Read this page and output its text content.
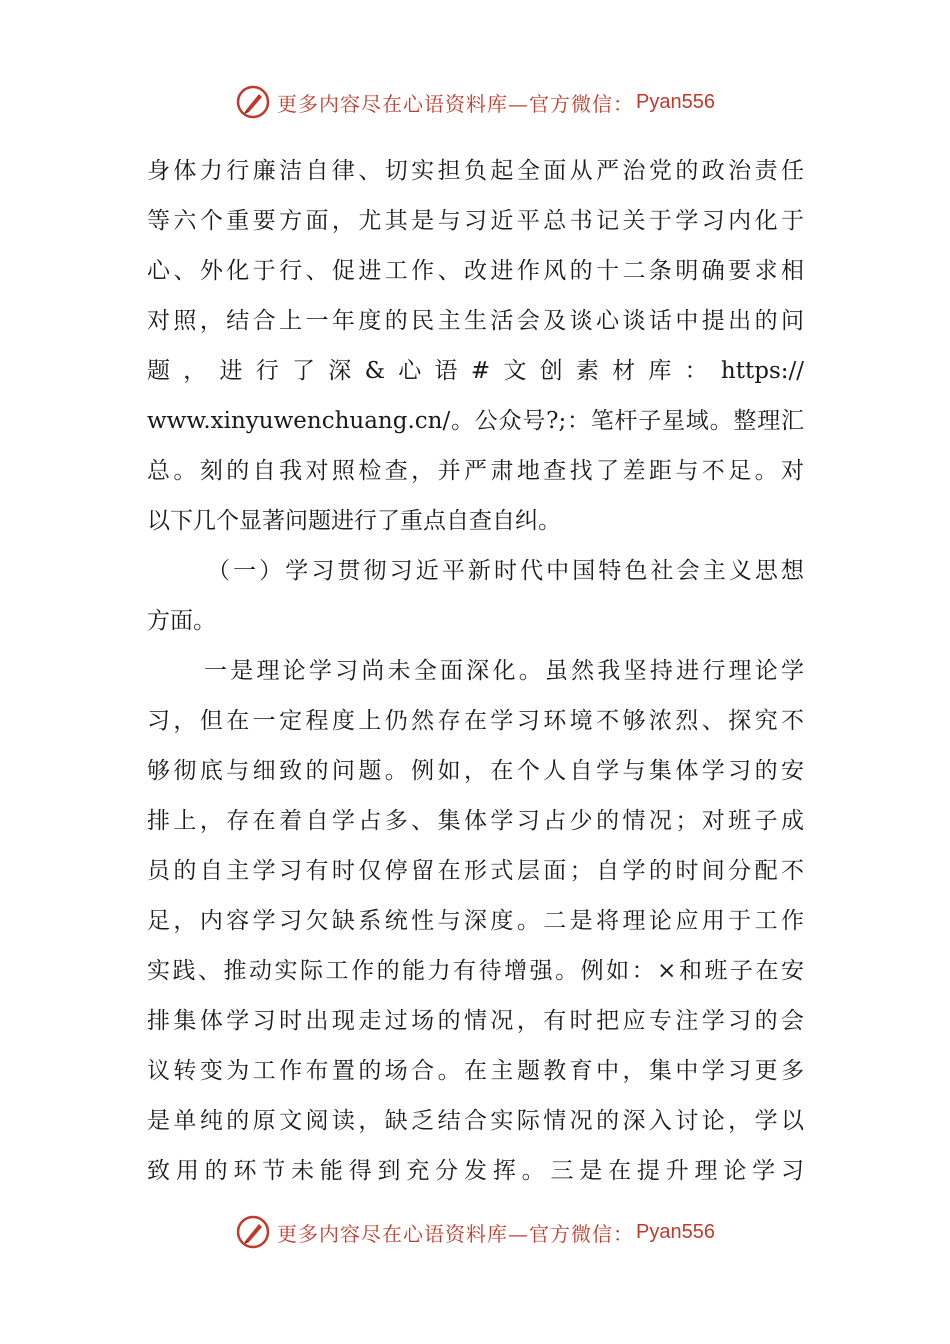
更多内容尽在心语资料库—官方微信： Pyan556
身体力行廉洁自律、切实担负起全面从严治党的政治责任
等六个重要方面，尤其是与习近平总书记关于学习内化于
心、外化于行、促进工作、改进作风的十二条明确要求相
对照，结合上一年度的民主生活会及谈心谈话中提出的问
题，进行了深&心语#文创素材库：https://
www.xinyuwenchuang.cn/。公众号?;：笔杆子星域。整理汇
总。刻的自我对照检查，并严肃地查找了差距与不足。对
以下几个显著问题进行了重点自查自纠。
（一）学习贯彻习近平新时代中国特色社会主义思想
方面。
一是理论学习尚未全面深化。虽然我坚持进行理论学
习，但在一定程度上仍然存在学习环境不够浓烈、探究不
够彻底与细致的问题。例如，在个人自学与集体学习的安
排上，存在着自学占多、集体学习占少的情况；对班子成
员的自主学习有时仅停留在形式层面；自学的时间分配不
足，内容学习欠缺系统性与深度。二是将理论应用于工作
实践、推动实际工作的能力有待增强。例如：×和班子在安
排集体学习时出现走过场的情况，有时把应专注学习的会
议转变为工作布置的场合。在主题教育中，集中学习更多
是单纯的原文阅读，缺乏结合实际情况的深入讨论，学以
致用的环节未能得到充分发挥。三是在提升理论学习
更多内容尽在心语资料库—官方微信： Pyan556
